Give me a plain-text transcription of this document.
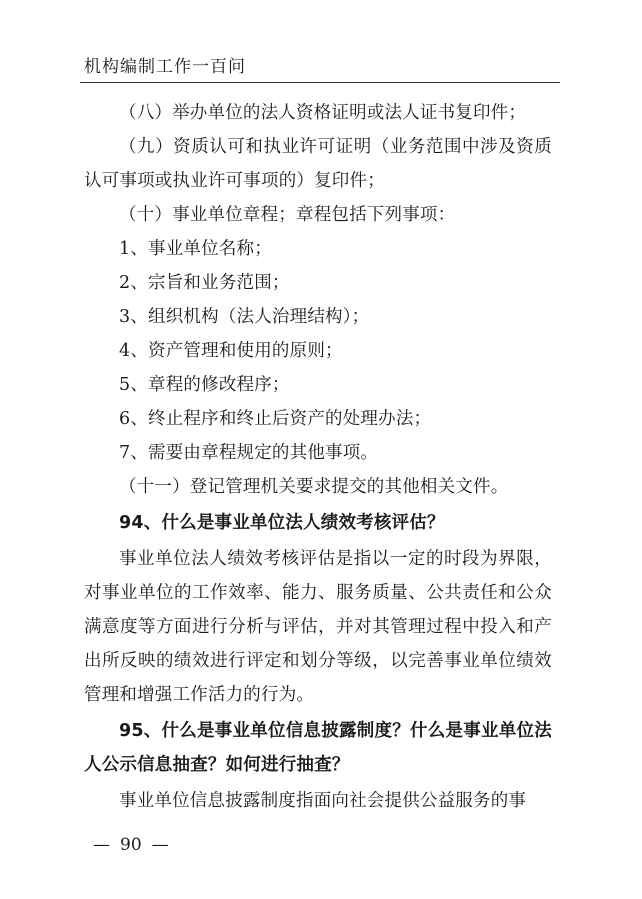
机构编制工作一百问

（八）举办单位的法人资格证明或法人证书复印件；

（九）资质认可和执业许可证明（业务范围中涉及资质认可事项或执业许可事项的）复印件；

（十）事业单位章程；章程包括下列事项：

1、事业单位名称；

2、宗旨和业务范围；

3、组织机构（法人治理结构）；

4、资产管理和使用的原则；

5、章程的修改程序；

6、终止程序和终止后资产的处理办法；

7、需要由章程规定的其他事项。

（十一）登记管理机关要求提交的其他相关文件。

94、什么是事业单位法人绩效考核评估？

事业单位法人绩效考核评估是指以一定的时段为界限，对事业单位的工作效率、能力、服务质量、公共责任和公众满意度等方面进行分析与评估，并对其管理过程中投入和产出所反映的绩效进行评定和划分等级，以完善事业单位绩效管理和增强工作活力的行为。

95、什么是事业单位信息披露制度？什么是事业单位法人公示信息抽查？如何进行抽查？

事业单位信息披露制度指面向社会提供公益服务的事

— 90 —
